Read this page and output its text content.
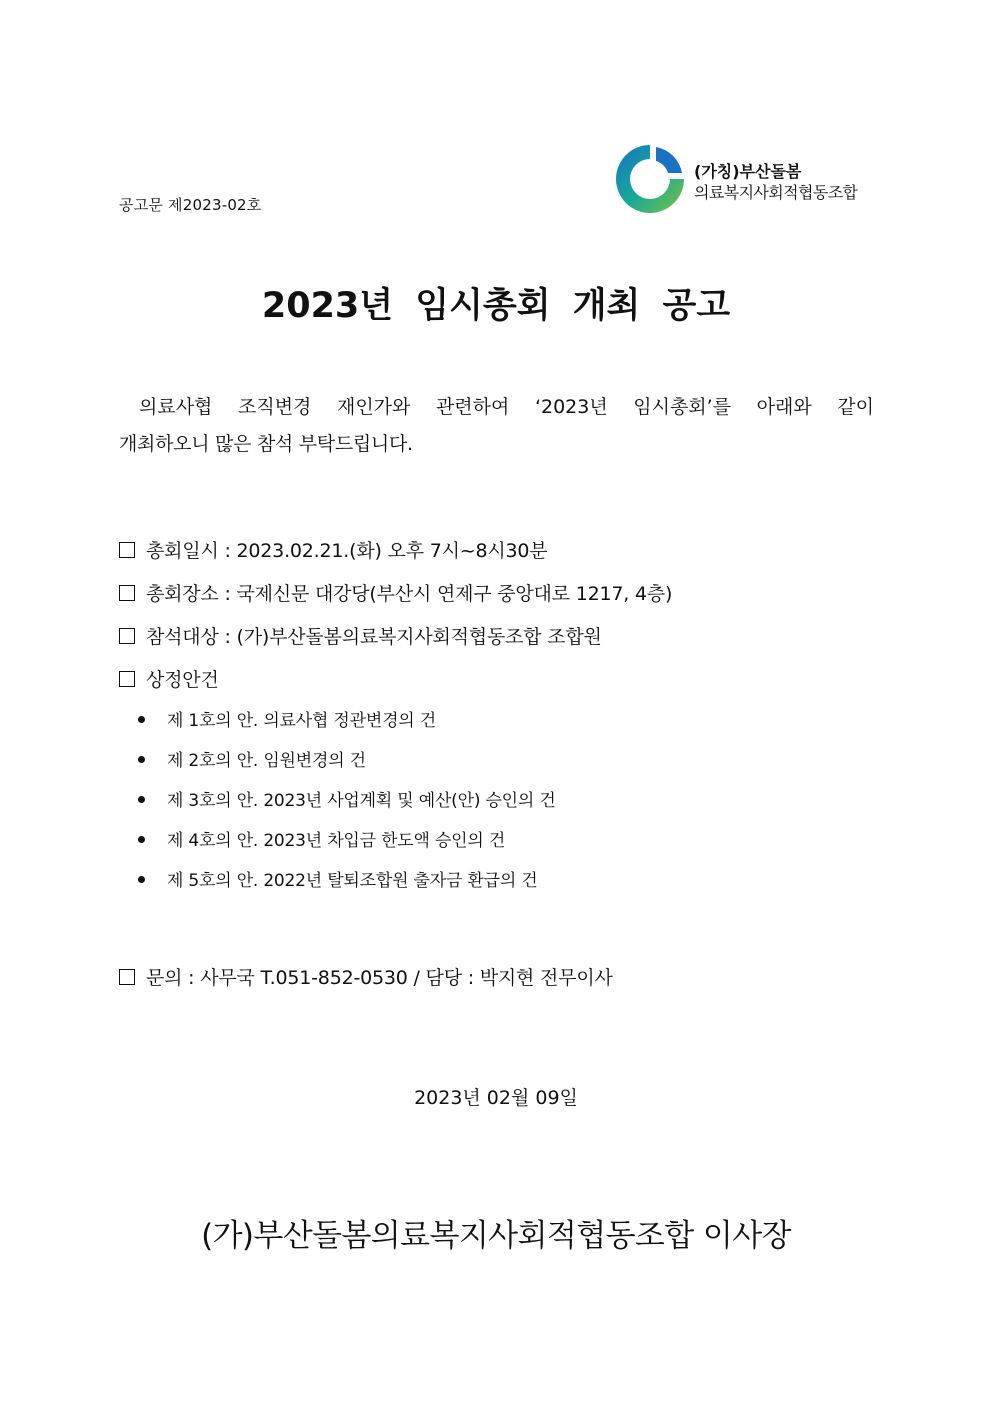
공고문 제2023-02호
(가칭)부산돌봄
의료복지사회적협동조합
2023년 임시총회 개최 공고
의료사협 조직변경 재인가와 관련하여 ‘2023년 임시총회’를 아래와 같이
개최하오니 많은 참석 부탁드립니다.
총회일시 : 2023.02.21.(화) 오후 7시~8시30분
총회장소 : 국제신문 대강당(부산시 연제구 중앙대로 1217, 4층)
참석대상 : (가)부산돌봄의료복지사회적협동조합 조합원
상정안건
제 1호의 안. 의료사협 정관변경의 건
제 2호의 안. 임원변경의 건
제 3호의 안. 2023년 사업계획 및 예산(안) 승인의 건
제 4호의 안. 2023년 차입금 한도액 승인의 건
제 5호의 안. 2022년 탈퇴조합원 출자금 환급의 건
문의 : 사무국 T.051-852-0530 / 담당 : 박지현 전무이사
2023년 02월 09일
(가)부산돌봄의료복지사회적협동조합 이사장
